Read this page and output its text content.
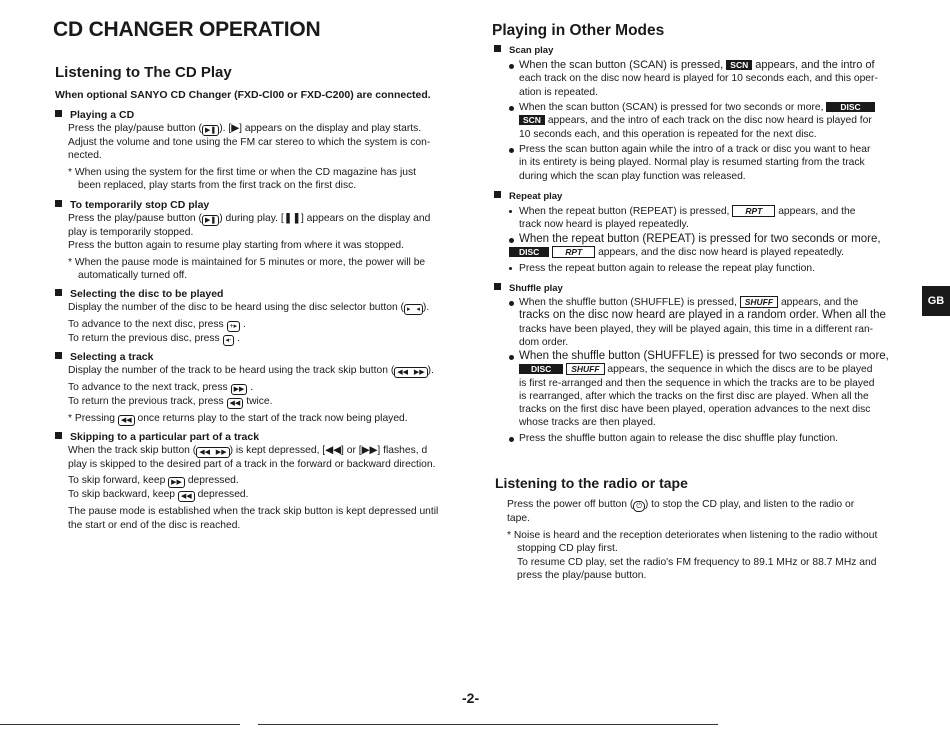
CD CHANGER OPERATION
Listening to The CD Play
When optional SANYO CD Changer (FXD-Cl00 or FXD-C200) are connected.
Playing a CD
Press the play/pause button ( ▶❚ ). [▶] appears on the display and play starts.
Adjust the volume and tone using the FM car stereo to which the system is con-
nected.
* When using the system for the first time or when the CD magazine has just
been replaced, play starts from the first track on the first disc.
To temporarily stop CD play
Press the play/pause button ( ▶❚ ) during play. [❚❚] appears on the display and
play is temporarily stopped.
Press the button again to resume play starting from where it was stopped.
* When the pause mode is maintained for 5 minutes or more, the power will be
automatically turned off.
Selecting the disc to be played
Display the number of the disc to be heard using the disc selector button ( ▸   ◂ ).
To advance to the next disc, press +▸ .
To return the previous disc, press ◂- .
Selecting a track
Display the number of the track to be heard using the track skip button ( ◀◀   ▶▶ ).
To advance to the next track, press ▶▶ .
To return the previous track, press ◀◀ twice.
* Pressing ◀◀ once returns play to the start of the track now being played.
Skipping to a particular part of a track
When the track skip button ( ◀◀   ▶▶ ) is kept depressed, [◀◀] or [▶▶] flashes, d
play is skipped to the desired part of a track in the forward or backward direction.
To skip forward, keep ▶▶ depressed.
To skip backward, keep ◀◀ depressed.
The pause mode is established when the track skip button is kept depressed until
the start or end of the disc is reached.
Playing in Other Modes
Scan play
When the scan button (SCAN) is pressed, SCN appears, and the intro of
each track on the disc now heard is played for 10 seconds each, and this oper-
ation is repeated.
When the scan button (SCAN) is pressed for two seconds or more, DISC
SCN appears, and the intro of each track on the disc now heard is played for
10 seconds each, and this operation is repeated for the next disc.
Press the scan button again while the intro of a track or disc you want to hear
in its entirety is being played. Normal play is resumed starting from the track
during which the scan play function was released.
Repeat play
When the repeat button (REPEAT) is pressed, RPT appears, and the
track now heard is played repeatedly.
When the repeat button (REPEAT) is pressed for two seconds or more,
DISC	RPT appears, and the disc now heard is played repeatedly.
Press the repeat button again to release the repeat play function.
Shuffle play
When the shuffle button (SHUFFLE) is pressed, SHUFF appears, and the
tracks on the disc now heard are played in a random order. When all the
tracks have been played, they will be played again, this time in a different ran-
dom order.
When the shuffle button (SHUFFLE) is pressed for two seconds or more,
DISC SHUFF appears, the sequence in which the discs are to be played
is first re-arranged and then the sequence in which the tracks are to be played
is rearranged, after which the tracks on the first disc are played. When all the
tracks on the first disc have been played, operation advances to the next disc
whose tracks are then played.
Press the shuffle button again to release the disc shuffle play function.
Listening to the radio or tape
Press the power off button ( ⏻ ) to stop the CD play, and listen to the radio or
tape.
* Noise is heard and the reception deteriorates when listening to the radio without
stopping CD play first.
To resume CD play, set the radio's FM frequency to 89.1 MHz or 88.7 MHz and
press the play/pause button.
GB
-2-
